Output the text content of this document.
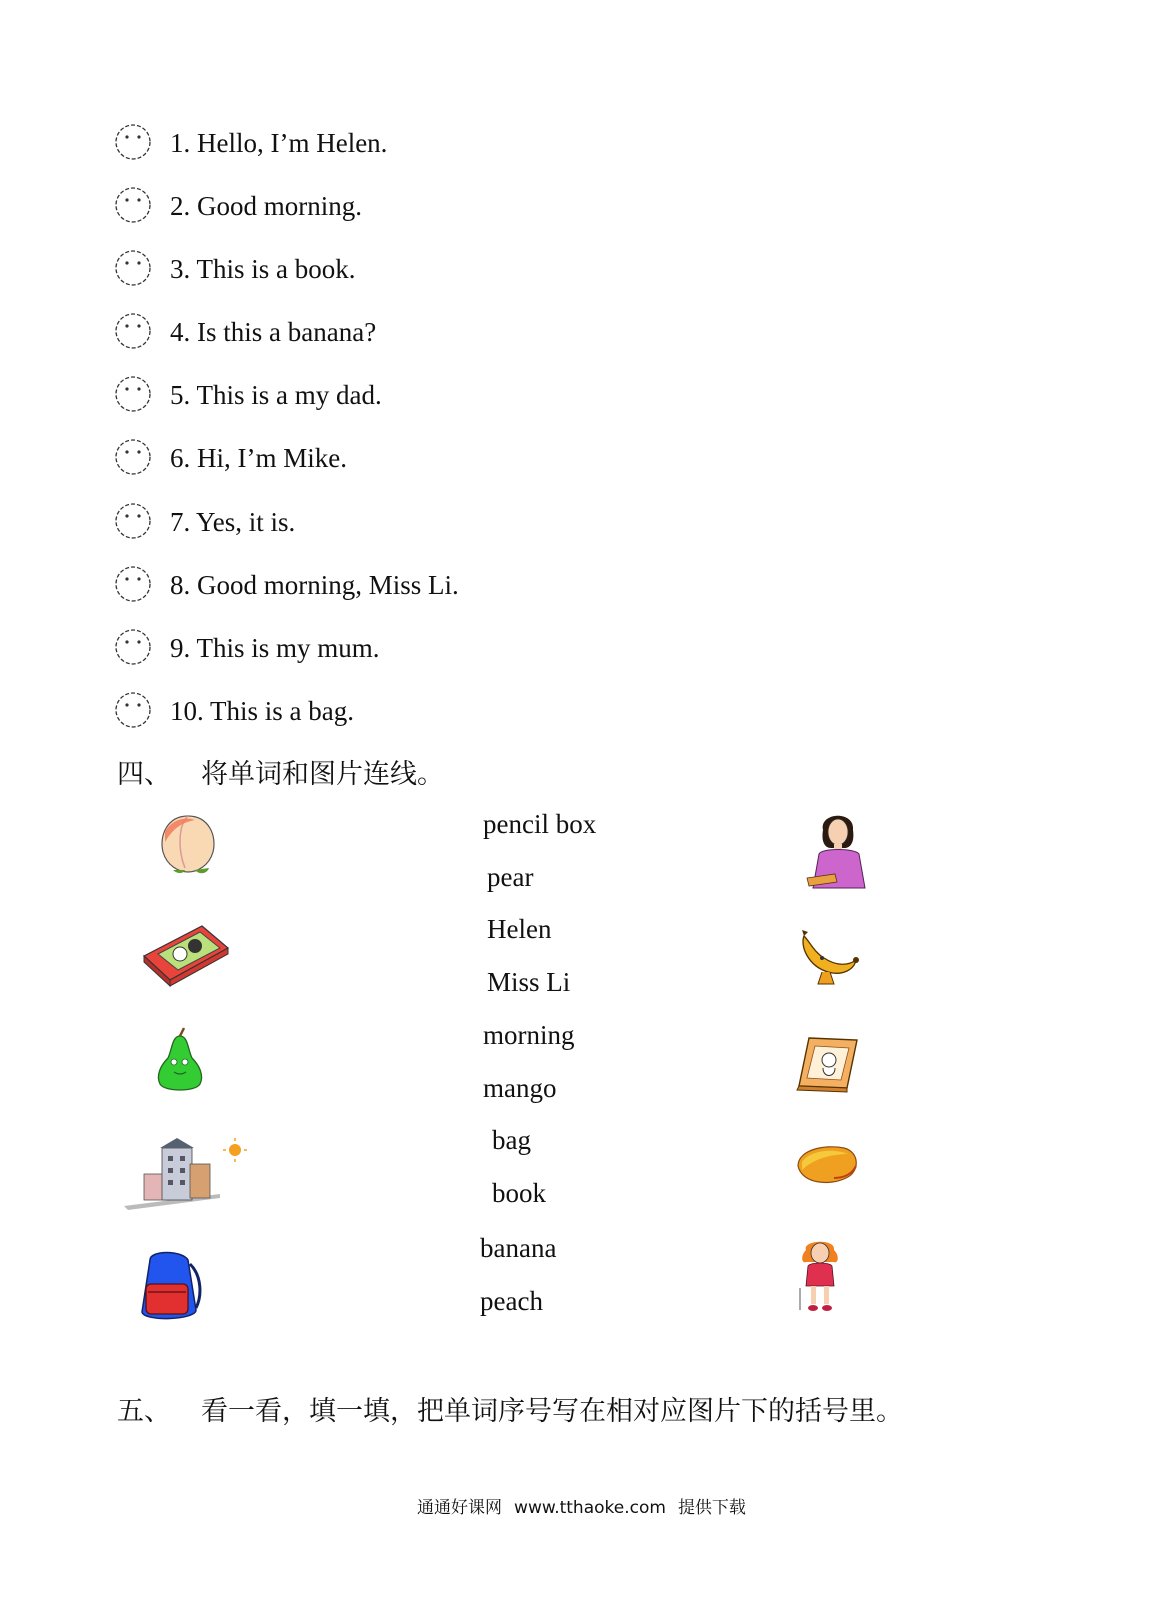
1. Hello, I’m Helen.
2. Good morning.
3. This is a book.
4. Is this a banana?
5. This is a my dad.
6. Hi, I’m Mike.
7. Yes, it is.
8. Good morning, Miss Li.
9. This is my mum.
10. This is a bag.
四、 将单词和图片连线。
pencil box
pear
Helen
Miss Li
morning
mango
bag
book
banana
peach
五、 看一看，填一填，把单词序号写在相对应图片下的括号里。
通通好课网 www.tthaoke.com 提供下载
